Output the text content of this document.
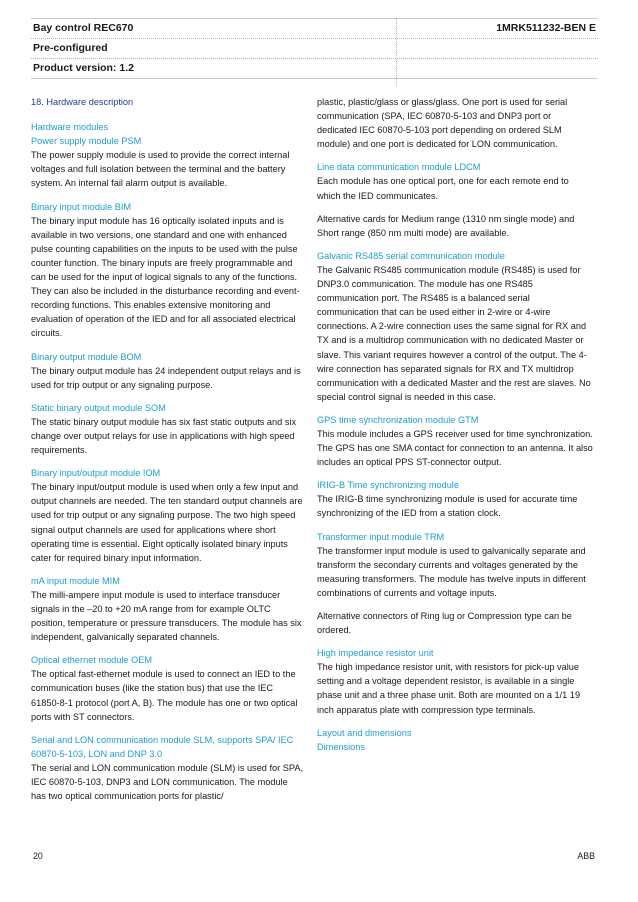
Bay control REC670	1MRK511232-BEN E
Pre-configured
Product version: 1.2

18. Hardware description

Hardware modules

Power supply module PSM

The power supply module is used to provide the correct internal voltages and full isolation between the terminal and the battery system. An internal fail alarm output is available.

Binary input module BIM

The binary input module has 16 optically isolated inputs and is available in two versions, one standard and one with enhanced pulse counting capabilities on the inputs to be used with the pulse counter function. The binary inputs are freely programmable and can be used for the input of logical signals to any of the functions. They can also be included in the disturbance recording and event-recording functions. This enables extensive monitoring and evaluation of operation of the IED and for all associated electrical circuits.

Binary output module BOM

The binary output module has 24 independent output relays and is used for trip output or any signaling purpose.

Static binary output module SOM

The static binary output module has six fast static outputs and six change over output relays for use in applications with high speed requirements.

Binary input/output module IOM

The binary input/output module is used when only a few input and output channels are needed. The ten standard output channels are used for trip output or any signaling purpose. The two high speed signal output channels are used for applications where short operating time is essential. Eight optically isolated binary inputs cater for required binary input information.

mA input module MIM

The milli-ampere input module is used to interface transducer signals in the –20 to +20 mA range from for example OLTC position, temperature or pressure transducers. The module has six independent, galvanically separated channels.

Optical ethernet module OEM

The optical fast-ethernet module is used to connect an IED to the communication buses (like the station bus) that use the IEC 61850-8-1 protocol (port A, B). The module has one or two optical ports with ST connectors.

Serial and LON communication module SLM, supports SPA/ IEC 60870-5-103, LON and DNP 3.0

The serial and LON communication module (SLM) is used for SPA, IEC 60870-5-103, DNP3 and LON communication. The module has two optical communication ports for plastic/

plastic, plastic/glass or glass/glass. One port is used for serial communication (SPA, IEC 60870-5-103 and DNP3 port or dedicated IEC 60870-5-103 port depending on ordered SLM module) and one port is dedicated for LON communication.

Line data communication module LDCM

Each module has one optical port, one for each remote end to which the IED communicates.

Alternative cards for Medium range (1310 nm single mode) and Short range (850 nm multi mode) are available.

Galvanic RS485 serial communication module

The Galvanic RS485 communication module (RS485) is used for DNP3.0 communication. The module has one RS485 communication port. The RS485 is a balanced serial communication that can be used either in 2-wire or 4-wire connections. A 2-wire connection uses the same signal for RX and TX and is a multidrop communication with no dedicated Master or slave. This variant requires however a control of the output. The 4-wire connection has separated signals for RX and TX multidrop communication with a dedicated Master and the rest are slaves. No special control signal is needed in this case.

GPS time synchronization module GTM

This module includes a GPS receiver used for time synchronization. The GPS has one SMA contact for connection to an antenna. It also includes an optical PPS ST-connector output.

IRIG-B Time synchronizing module

The IRIG-B time synchronizing module is used for accurate time synchronizing of the IED from a station clock.

Transformer input module TRM

The transformer input module is used to galvanically separate and transform the secondary currents and voltages generated by the measuring transformers. The module has twelve inputs in different combinations of currents and voltage inputs.

Alternative connectors of Ring lug or Compression type can be ordered.

High impedance resistor unit

The high impedance resistor unit, with resistors for pick-up value setting and a voltage dependent resistor, is available in a single phase unit and a three phase unit. Both are mounted on a 1/1 19 inch apparatus plate with compression type terminals.

Layout and dimensions

Dimensions

20	ABB
